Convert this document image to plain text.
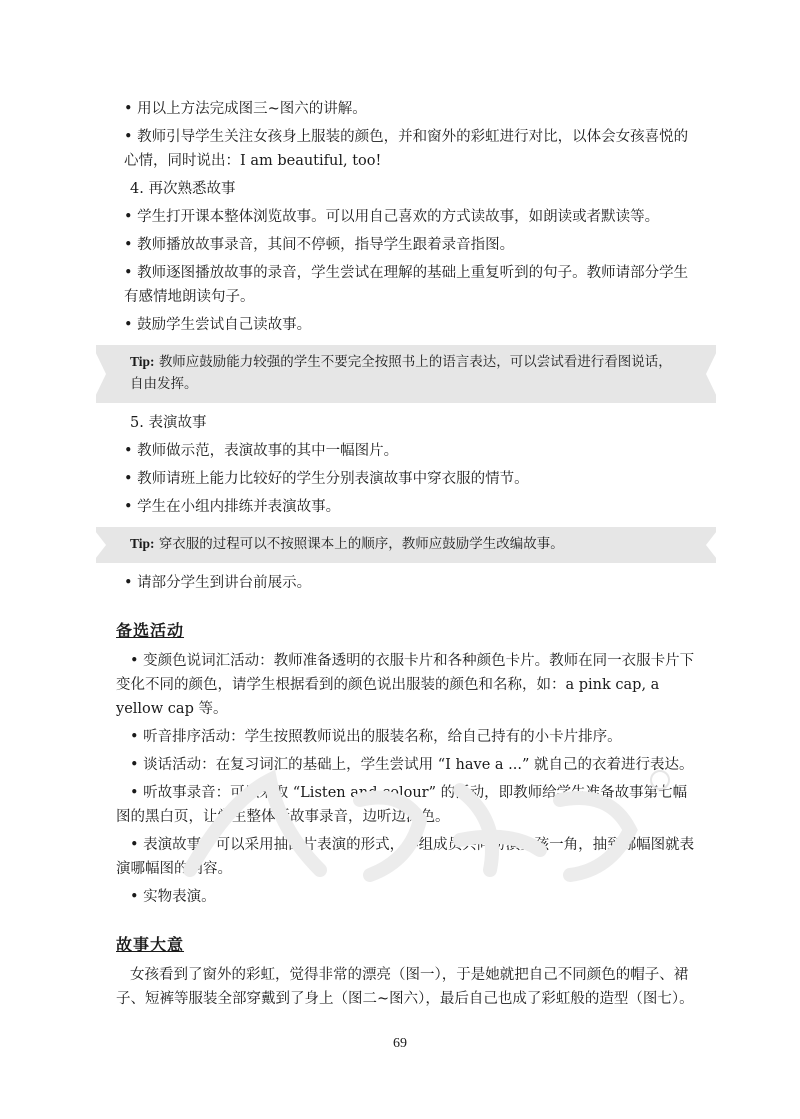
• 用以上方法完成图三~图六的讲解。

• 教师引导学生关注女孩身上服装的颜色，并和窗外的彩虹进行对比，以体会女孩喜悦的心情，同时说出：I am beautiful, too!

4. 再次熟悉故事

• 学生打开课本整体浏览故事。可以用自己喜欢的方式读故事，如朗读或者默读等。

• 教师播放故事录音，其间不停顿，指导学生跟着录音指图。

• 教师逐图播放故事的录音，学生尝试在理解的基础上重复听到的句子。教师请部分学生有感情地朗读句子。

• 鼓励学生尝试自己读故事。

Tip: 教师应鼓励能力较强的学生不要完全按照书上的语言表达，可以尝试看进行看图说话，自由发挥。

5. 表演故事

• 教师做示范，表演故事的其中一幅图片。

• 教师请班上能力比较好的学生分别表演故事中穿衣服的情节。

• 学生在小组内排练并表演故事。

Tip: 穿衣服的过程可以不按照课本上的顺序，教师应鼓励学生改编故事。

• 请部分学生到讲台前展示。

备选活动

• 变颜色说词汇活动：教师准备透明的衣服卡片和各种颜色卡片。教师在同一衣服卡片下变化不同的颜色，请学生根据看到的颜色说出服装的颜色和名称，如：a pink cap, a yellow cap 等。

• 听音排序活动：学生按照教师说出的服装名称，给自己持有的小卡片排序。

• 谈话活动：在复习词汇的基础上，学生尝试用 “I have a ...” 就自己的衣着进行表达。

• 听故事录音：可以采取 “Listen and colour” 的活动，即教师给学生准备故事第七幅图的黑白页，让学生整体听故事录音，边听边涂色。

• 表演故事：可以采用抽图片表演的形式，小组成员共同扮演女孩一角，抽到哪幅图就表演哪幅图的内容。

• 实物表演。

故事大意

女孩看到了窗外的彩虹，觉得非常的漂亮（图一），于是她就把自己不同颜色的帽子、裙子、短裤等服装全部穿戴到了身上（图二~图六），最后自己也成了彩虹般的造型（图七）。

69
